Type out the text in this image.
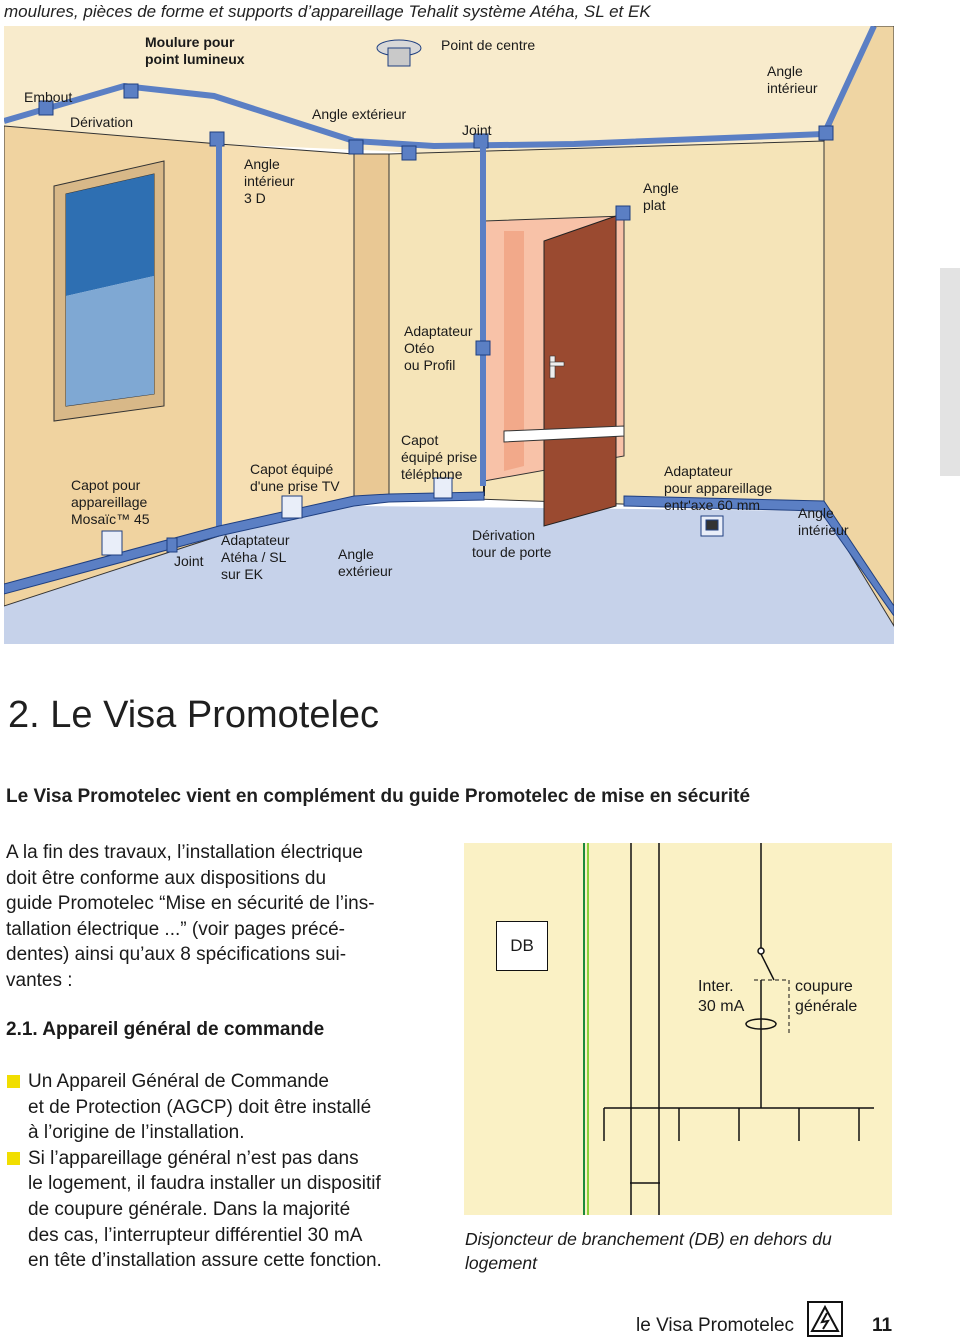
moulures, pièces de forme et supports d’appareillage Tehalit système Atéha, SL et EK
Embout
Dérivation
Moulure pour
point lumineux
Point de centre
Angle extérieur
Joint
Angle
intérieur
Angle
intérieur
3 D
Angle
plat
Adaptateur
Otéo
ou Profil
Capot pour
appareillage
Mosaïc™ 45
Joint
Capot équipé
d'une prise TV
Adaptateur
Atéha / SL
sur EK
Angle
extérieur
Capot
équipé prise
téléphone
Dérivation
tour de porte
Adaptateur
pour appareillage
entr'axe 60 mm	Angle
intérieur
2. Le Visa Promotelec
Le Visa Promotelec vient en complément du guide Promotelec de mise en sécurité
A la fin des travaux, l’installation électrique
doit être conforme aux dispositions du
guide Promotelec “Mise en sécurité de l’ins-
tallation électrique ...” (voir pages précé-
dentes) ainsi qu’aux 8 spécifications sui-
vantes :
2.1. Appareil général de commande
Un Appareil Général de Commande
et de Protection (AGCP) doit être installé
à l’origine de l’installation.
Si l’appareillage général n’est pas dans
le logement, il faudra installer un dispositif
de coupure générale. Dans la majorité
des cas, l’interrupteur différentiel 30 mA
en tête d’installation assure cette fonction.
DB
Inter.
30 mA
coupure
générale
Disjoncteur de branchement (DB) en dehors du
logement
le Visa Promotelec	11
